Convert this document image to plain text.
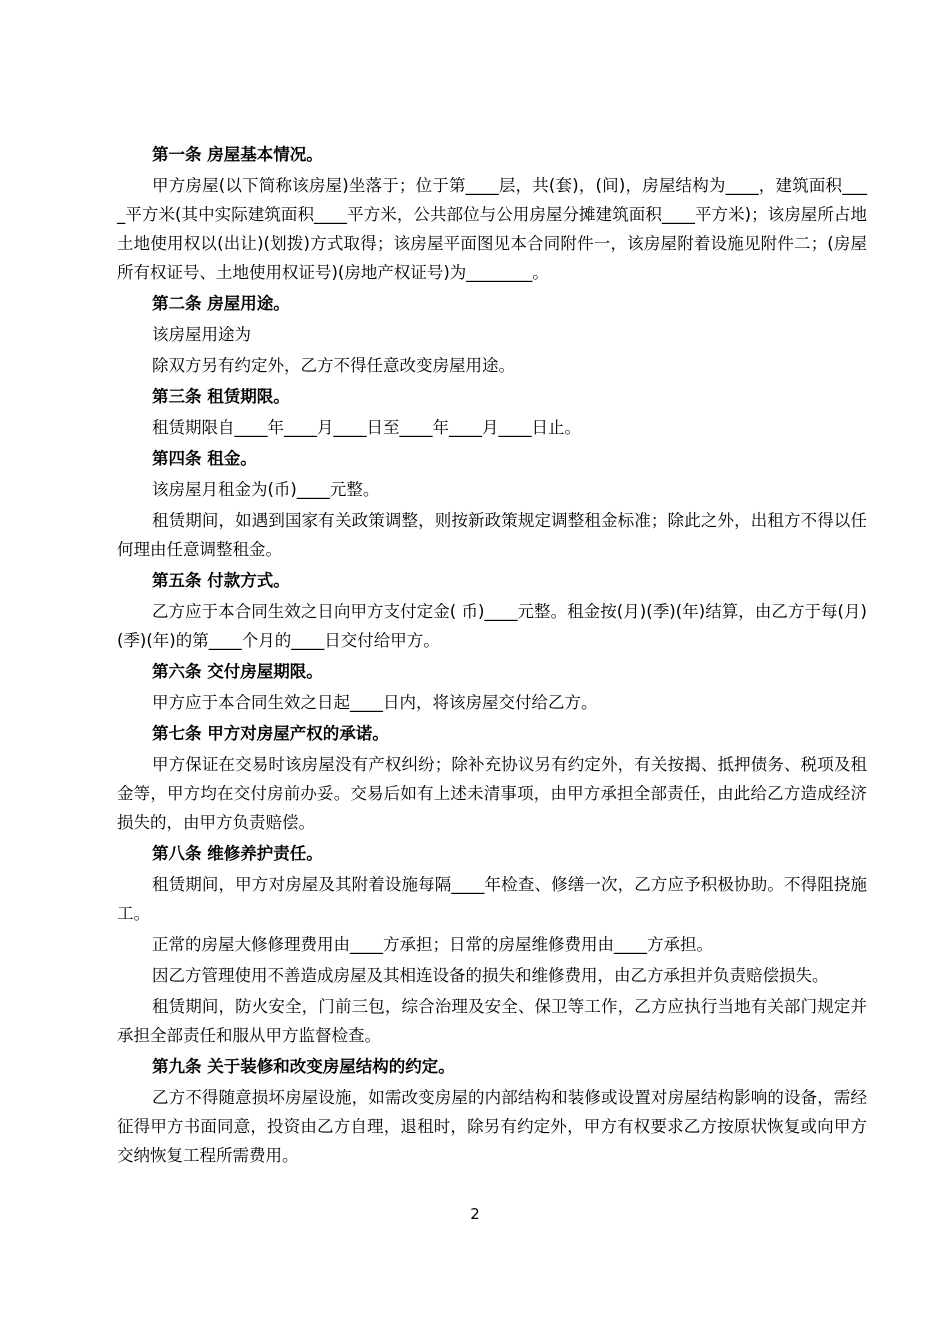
第一条 房屋基本情况。

甲方房屋(以下简称该房屋)坐落于；位于第____层，共(套)，(间)，房屋结构为____，建筑面积____平方米(其中实际建筑面积____平方米，公共部位与公用房屋分摊建筑面积____平方米)；该房屋所占地土地使用权以(出让)(划拨)方式取得；该房屋平面图见本合同附件一，该房屋附着设施见附件二；(房屋所有权证号、土地使用权证号)(房地产权证号)为________。

第二条 房屋用途。

该房屋用途为

除双方另有约定外，乙方不得任意改变房屋用途。

第三条 租赁期限。

租赁期限自____年____月____日至____年____月____日止。

第四条 租金。

该房屋月租金为(币)____元整。

租赁期间，如遇到国家有关政策调整，则按新政策规定调整租金标准；除此之外，出租方不得以任何理由任意调整租金。

第五条 付款方式。

乙方应于本合同生效之日向甲方支付定金( 币)____元整。租金按(月)(季)(年)结算，由乙方于每(月)(季)(年)的第____个月的____日交付给甲方。

第六条 交付房屋期限。

甲方应于本合同生效之日起____日内，将该房屋交付给乙方。

第七条 甲方对房屋产权的承诺。

甲方保证在交易时该房屋没有产权纠纷；除补充协议另有约定外，有关按揭、抵押债务、税项及租金等，甲方均在交付房前办妥。交易后如有上述未清事项，由甲方承担全部责任，由此给乙方造成经济损失的，由甲方负责赔偿。

第八条 维修养护责任。

租赁期间，甲方对房屋及其附着设施每隔____年检查、修缮一次，乙方应予积极协助。不得阻挠施工。

正常的房屋大修修理费用由____方承担；日常的房屋维修费用由____方承担。

因乙方管理使用不善造成房屋及其相连设备的损失和维修费用，由乙方承担并负责赔偿损失。

租赁期间，防火安全，门前三包，综合治理及安全、保卫等工作，乙方应执行当地有关部门规定并承担全部责任和服从甲方监督检查。

第九条 关于装修和改变房屋结构的约定。

乙方不得随意损坏房屋设施，如需改变房屋的内部结构和装修或设置对房屋结构影响的设备，需经征得甲方书面同意，投资由乙方自理，退租时，除另有约定外，甲方有权要求乙方按原状恢复或向甲方交纳恢复工程所需费用。

2
